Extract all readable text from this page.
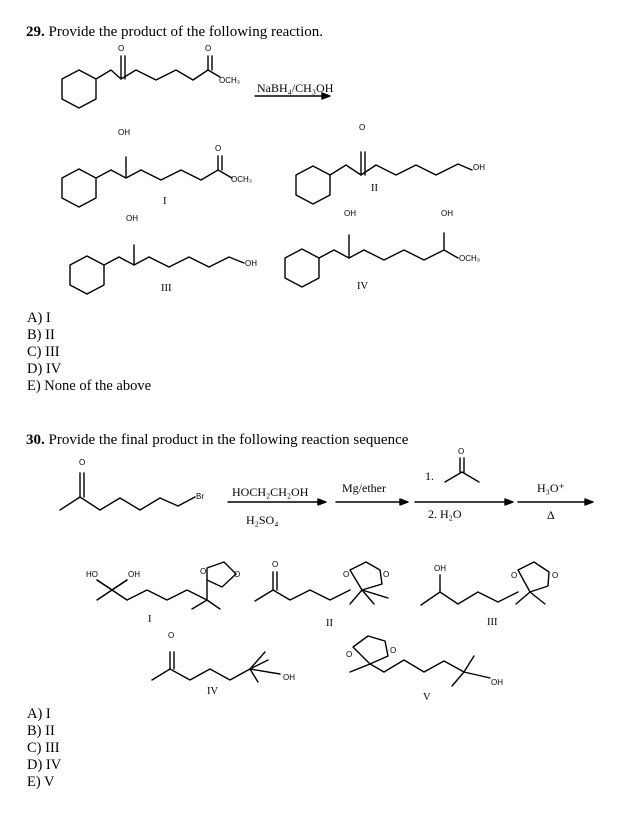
29. Provide the product of the following reaction.
O	O
OCH₃
NaBH₄/CH₃OH
OH
O
OCH₃
I
O
OH
II
OH
OH
III
OH	OH
OCH₃
IV
A) I
B) II
C) III
D) IV
E) None of the above
30. Provide the final product in the following reaction sequence
O
Br HOCH₂CH₂OH
H₂SO₄
Mg/ether
1.
O
2. H₂O
H₃O⁺
Δ
HO	OH	O	O
I
O
O	O
II
OH
O	O
III
O
OH
IV
O	O
OH
V
A) I
B) II
C) III
D) IV
E) V
